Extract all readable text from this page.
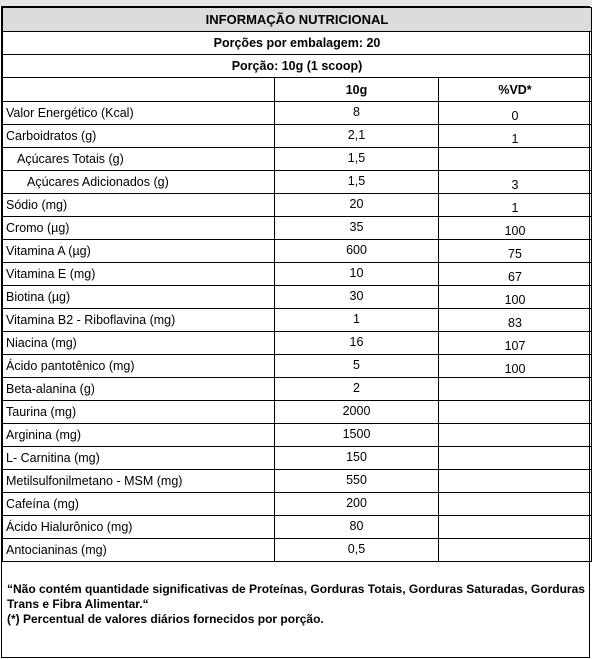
INFORMAÇÃO NUTRICIONAL		
Porções por embalagem: 20		
Porção: 10g (1 scoop)		
	10g	%VD*
Valor Energético (Kcal)	8	0
Carboidratos (g)	2,1	1
Açúcares Totais (g)	1,5	
Açúcares Adicionados (g)	1,5	3
Sódio (mg)	20	1
Cromo (µg)	35	100
Vitamina A (µg)	600	75
Vitamina E (mg)	10	67
Biotina (µg)	30	100
Vitamina B2 - Riboflavina (mg)	1	83
Niacina (mg)	16	107
Ácido pantotênico (mg)	5	100
Beta-alanina (g)	2	
Taurina (mg)	2000	
Arginina (mg)	1500	
L- Carnitina (mg)	150	
Metilsulfonilmetano - MSM (mg)	550	
Cafeína (mg)	200	
Ácido Hialurônico (mg)	80	
Antocianinas (mg)	0,5	

“Não contém quantidade significativas de Proteínas, Gorduras Totais, Gorduras Saturadas, Gorduras Trans e Fibra Alimentar.“

(*) Percentual de valores diários fornecidos por porção.
